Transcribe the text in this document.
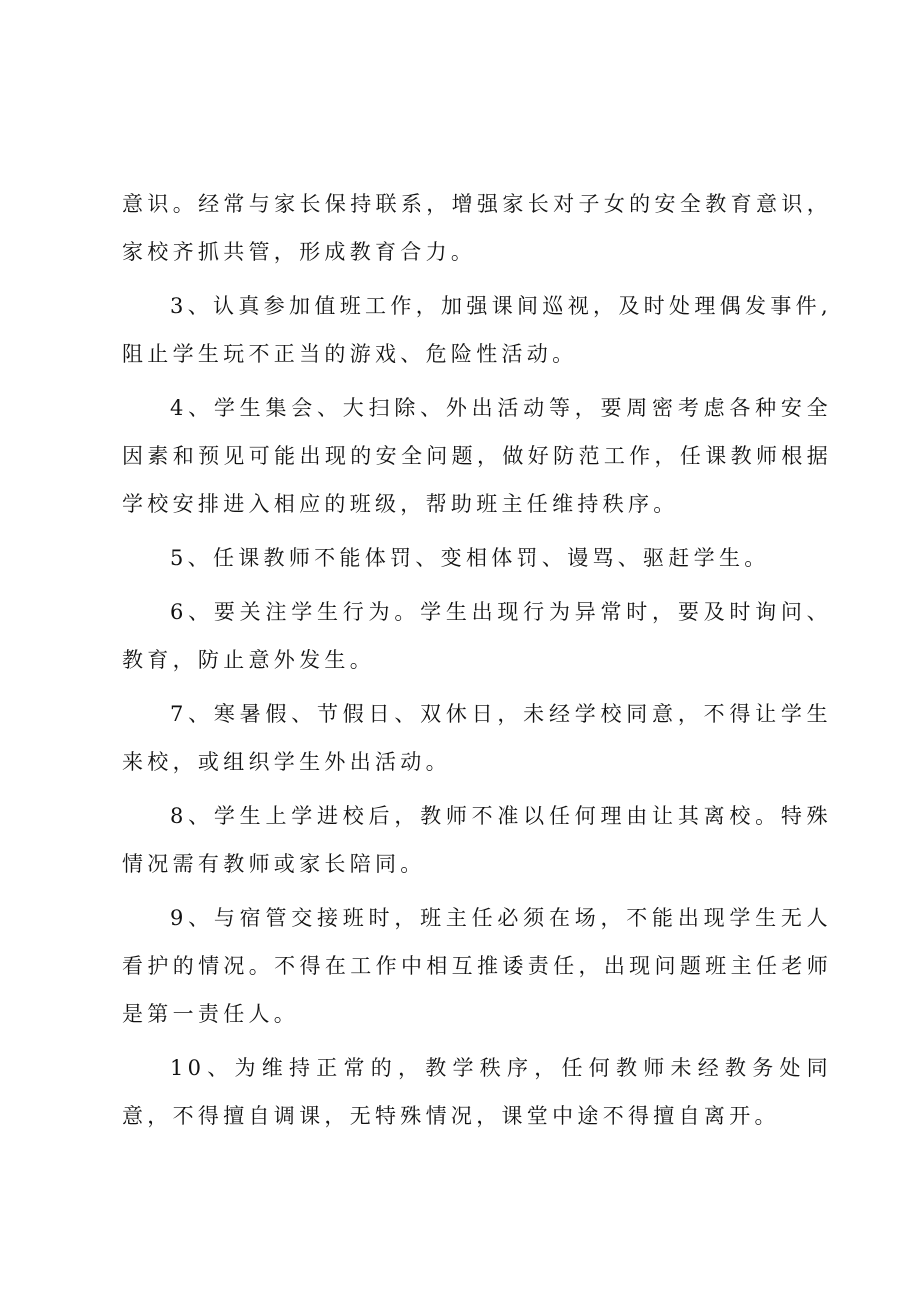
意识。经常与家长保持联系，增强家长对子女的安全教育意识，家校齐抓共管，形成教育合力。

3、认真参加值班工作，加强课间巡视，及时处理偶发事件,阻止学生玩不正当的游戏、危险性活动。

4、学生集会、大扫除、外出活动等，要周密考虑各种安全因素和预见可能出现的安全问题，做好防范工作，任课教师根据学校安排进入相应的班级，帮助班主任维持秩序。

5、任课教师不能体罚、变相体罚、谩骂、驱赶学生。

6、要关注学生行为。学生出现行为异常时，要及时询问、教育，防止意外发生。

7、寒暑假、节假日、双休日，未经学校同意，不得让学生来校，或组织学生外出活动。

8、学生上学进校后，教师不准以任何理由让其离校。特殊情况需有教师或家长陪同。

9、与宿管交接班时，班主任必须在场，不能出现学生无人看护的情况。不得在工作中相互推诿责任，出现问题班主任老师是第一责任人。

10、为维持正常的，教学秩序，任何教师未经教务处同意，不得擅自调课，无特殊情况，课堂中途不得擅自离开。
